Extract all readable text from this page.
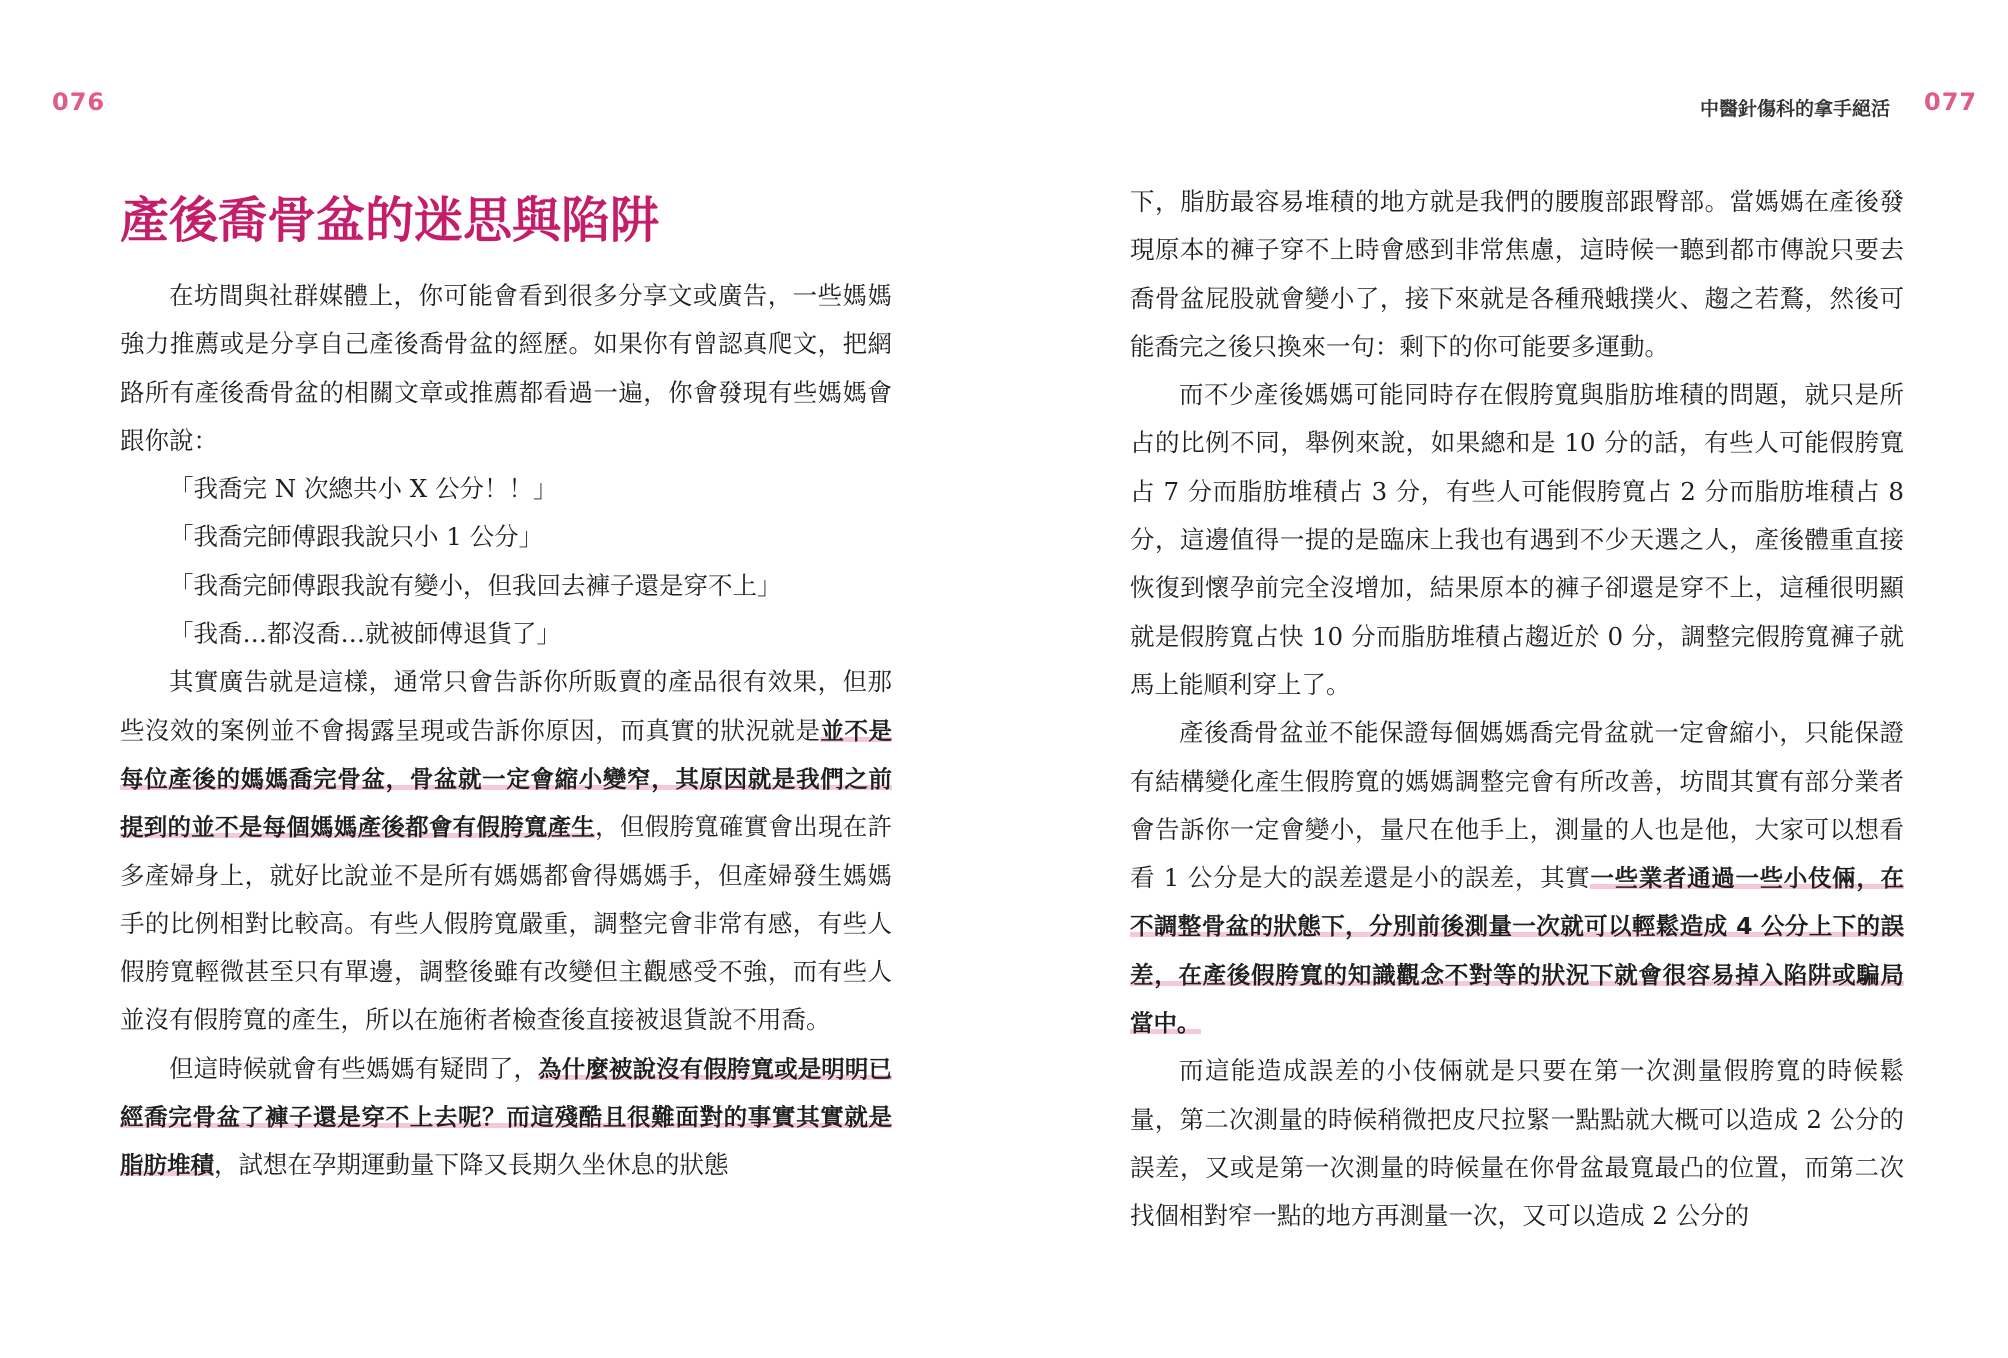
076	中醫針傷科的拿手絕活 077
產後喬骨盆的迷思與陷阱

在坊間與社群媒體上，你可能會看到很多分享文或廣告，一些媽媽強力推薦或是分享自己產後喬骨盆的經歷。如果你有曾認真爬文，把網路所有產後喬骨盆的相關文章或推薦都看過一遍，你會發現有些媽媽會跟你說：

「我喬完 N 次總共小 X 公分！！」

「我喬完師傅跟我說只小 1 公分」

「我喬完師傅跟我說有變小，但我回去褲子還是穿不上」

「我喬…都沒喬…就被師傅退貨了」

其實廣告就是這樣，通常只會告訴你所販賣的產品很有效果，但那些沒效的案例並不會揭露呈現或告訴你原因，而真實的狀況就是並不是每位產後的媽媽喬完骨盆，骨盆就一定會縮小變窄，其原因就是我們之前提到的並不是每個媽媽產後都會有假胯寬產生，但假胯寬確實會出現在許多產婦身上，就好比說並不是所有媽媽都會得媽媽手，但產婦發生媽媽手的比例相對比較高。有些人假胯寬嚴重，調整完會非常有感，有些人假胯寬輕微甚至只有單邊，調整後雖有改變但主觀感受不強，而有些人並沒有假胯寬的產生，所以在施術者檢查後直接被退貨說不用喬。

但這時候就會有些媽媽有疑問了，為什麼被說沒有假胯寬或是明明已經喬完骨盆了褲子還是穿不上去呢？而這殘酷且很難面對的事實其實就是脂肪堆積，試想在孕期運動量下降又長期久坐休息的狀態

下，脂肪最容易堆積的地方就是我們的腰腹部跟臀部。當媽媽在產後發現原本的褲子穿不上時會感到非常焦慮，這時候一聽到都市傳說只要去喬骨盆屁股就會變小了，接下來就是各種飛蛾撲火、趨之若鶩，然後可能喬完之後只換來一句：剩下的你可能要多運動。

而不少產後媽媽可能同時存在假胯寬與脂肪堆積的問題，就只是所占的比例不同，舉例來說，如果總和是 10 分的話，有些人可能假胯寬占 7 分而脂肪堆積占 3 分，有些人可能假胯寬占 2 分而脂肪堆積占 8 分，這邊值得一提的是臨床上我也有遇到不少天選之人，產後體重直接恢復到懷孕前完全沒增加，結果原本的褲子卻還是穿不上，這種很明顯就是假胯寬占快 10 分而脂肪堆積占趨近於 0 分，調整完假胯寬褲子就馬上能順利穿上了。

產後喬骨盆並不能保證每個媽媽喬完骨盆就一定會縮小，只能保證有結構變化產生假胯寬的媽媽調整完會有所改善，坊間其實有部分業者會告訴你一定會變小，量尺在他手上，測量的人也是他，大家可以想看看 1 公分是大的誤差還是小的誤差，其實一些業者通過一些小伎倆，在不調整骨盆的狀態下，分別前後測量一次就可以輕鬆造成 4 公分上下的誤差，在產後假胯寬的知識觀念不對等的狀況下就會很容易掉入陷阱或騙局當中。

而這能造成誤差的小伎倆就是只要在第一次測量假胯寬的時候鬆量，第二次測量的時候稍微把皮尺拉緊一點點就大概可以造成 2 公分的誤差，又或是第一次測量的時候量在你骨盆最寬最凸的位置，而第二次找個相對窄一點的地方再測量一次，又可以造成 2 公分的
